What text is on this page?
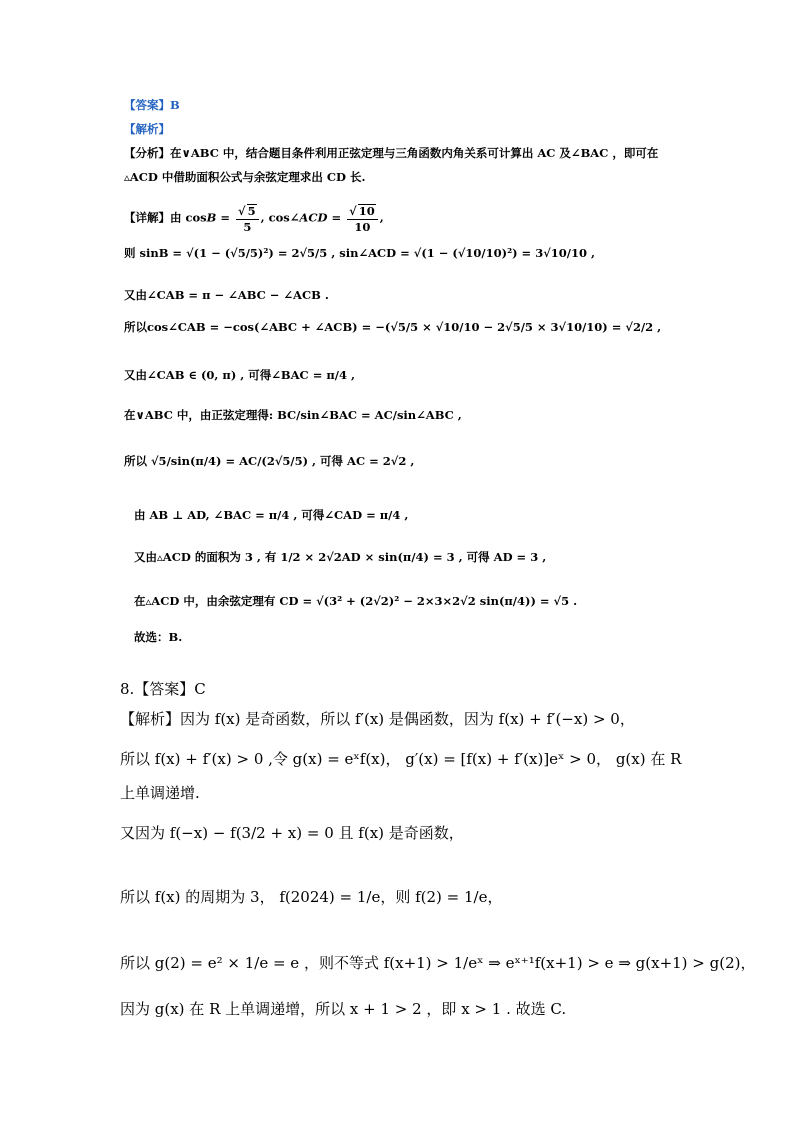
【答案】B
【解析】
【分析】在∨ABC 中，结合题目条件利用正弦定理与三角函数内角关系可计算出 AC 及∠BAC ，即可在
▵ACD 中借助面积公式与余弦定理求出 CD 长.
【详解】由 $\cos B = \frac{√ 5}{5}$ , cos∠ACD = $\frac{√ 10}{10}$ ,
则 sinB = √(1 − (√5/5)²) = 2√5/5 , sin∠ACD = √(1 − (√10/10)²) = 3√10/10 ,
又由∠CAB = π − ∠ABC − ∠ACB .
所以cos∠CAB = −cos(∠ABC + ∠ACB) = −(√5/5 × √10/10 − 2√5/5 × 3√10/10) = √2/2 ,
又由∠CAB ∈ (0, π) , 可得∠BAC = π/4 ,
在∨ABC 中，由正弦定理得: BC/sin∠BAC = AC/sin∠ABC ,
所以 √5/sin(π/4) = AC/(2√5/5) , 可得 AC = 2√2 ,
由 AB ⊥ AD, ∠BAC = π/4 , 可得∠CAD = π/4 ,
又由▵ACD 的面积为 3 , 有 1/2 × 2√2AD × sin(π/4) = 3 , 可得 AD = 3 ,
在▵ACD 中，由余弦定理有 CD = √(3² + (2√2)² − 2×3×2√2 sin(π/4)) = √5 .
故选：B.
8.【答案】C
【解析】因为 f(x) 是奇函数，所以 f′(x) 是偶函数，因为 f(x) + f′(−x) > 0，
所以 f(x) + f′(x) > 0 ,令 g(x) = eˣf(x)， g′(x) = [f(x) + f′(x)]eˣ > 0， g(x) 在 R
上单调递增.
又因为 f(−x) − f(3/2 + x) = 0 且 f(x) 是奇函数，
所以 f(x) 的周期为 3， f(2024) = 1/e，则 f(2) = 1/e，
所以 g(2) = e² × 1/e = e ，则不等式 f(x+1) > 1/eˣ ⇒ eˣ⁺¹f(x+1) > e ⇒ g(x+1) > g(2)，
因为 g(x) 在 R 上单调递增，所以 x + 1 > 2 ，即 x > 1 . 故选 C.
